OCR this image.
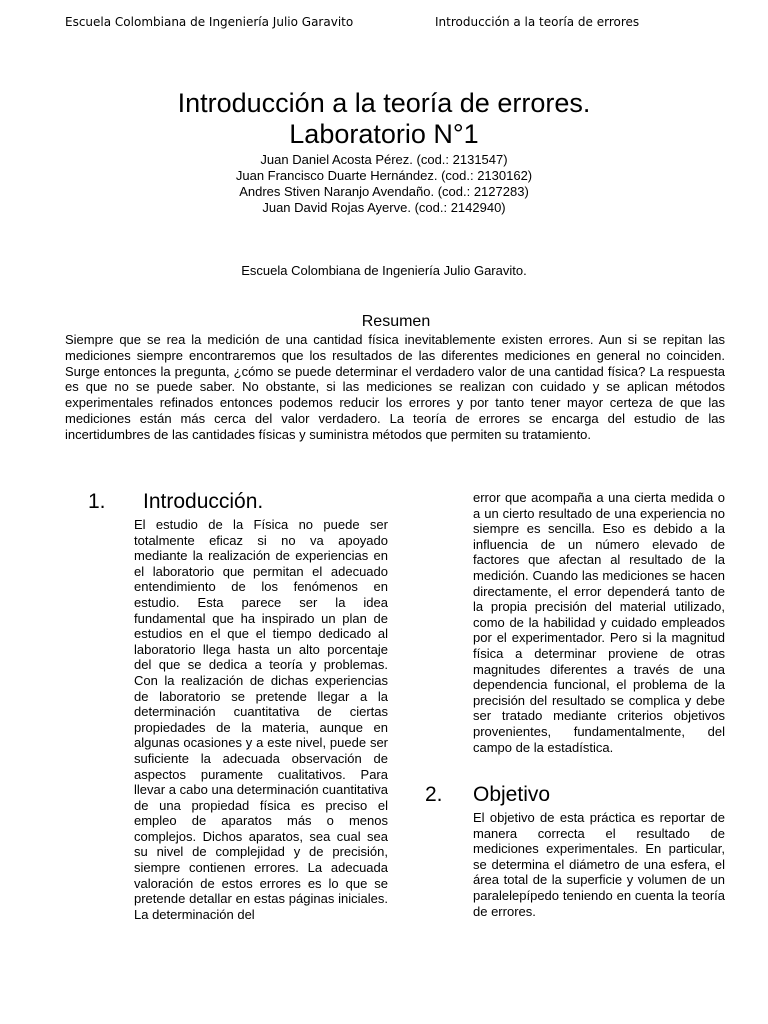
Escuela Colombiana de Ingeniería Julio Garavito	Introducción a la teoría de errores
Introducción a la teoría de errores.
Laboratorio N°1
Juan Daniel Acosta Pérez. (cod.: 2131547)
Juan Francisco Duarte Hernández. (cod.: 2130162)
Andres Stiven Naranjo Avendaño. (cod.: 2127283)
Juan David Rojas Ayerve. (cod.: 2142940)
Escuela Colombiana de Ingeniería Julio Garavito.
Resumen

Siempre que se rea la medición de una cantidad física inevitablemente existen errores. Aun si se repitan las mediciones siempre encontraremos que los resultados de las diferentes mediciones en general no coinciden. Surge entonces la pregunta, ¿cómo se puede determinar el verdadero valor de una cantidad física? La respuesta es que no se puede saber. No obstante, si las mediciones se realizan con cuidado y se aplican métodos experimentales refinados entonces podemos reducir los errores y por tanto tener mayor certeza de que las mediciones están más cerca del valor verdadero. La teoría de errores se encarga del estudio de las incertidumbres de las cantidades físicas y suministra métodos que permiten su tratamiento.

1. Introducción.

El estudio de la Física no puede ser totalmente eficaz si no va apoyado mediante la realización de experiencias en el laboratorio que permitan el adecuado entendimiento de los fenómenos en estudio. Esta parece ser la idea fundamental que ha inspirado un plan de estudios en el que el tiempo dedicado al laboratorio llega hasta un alto porcentaje del que se dedica a teoría y problemas. Con la realización de dichas experiencias de laboratorio se pretende llegar a la determinación cuantitativa de ciertas propiedades de la materia, aunque en algunas ocasiones y a este nivel, puede ser suficiente la adecuada observación de aspectos puramente cualitativos. Para llevar a cabo una determinación cuantitativa de una propiedad física es preciso el empleo de aparatos más o menos complejos. Dichos aparatos, sea cual sea su nivel de complejidad y de precisión, siempre contienen errores. La adecuada valoración de estos errores es lo que se pretende detallar en estas páginas iniciales. La determinación del

error que acompaña a una cierta medida o a un cierto resultado de una experiencia no siempre es sencilla. Eso es debido a la influencia de un número elevado de factores que afectan al resultado de la medición. Cuando las mediciones se hacen directamente, el error dependerá tanto de la propia precisión del material utilizado, como de la habilidad y cuidado empleados por el experimentador. Pero si la magnitud física a determinar proviene de otras magnitudes diferentes a través de una dependencia funcional, el problema de la precisión del resultado se complica y debe ser tratado mediante criterios objetivos provenientes, fundamentalmente, del campo de la estadística.

2. Objetivo

El objetivo de esta práctica es reportar de manera correcta el resultado de mediciones experimentales. En particular, se determina el diámetro de una esfera, el área total de la superficie y volumen de un paralelepípedo teniendo en cuenta la teoría de errores.
